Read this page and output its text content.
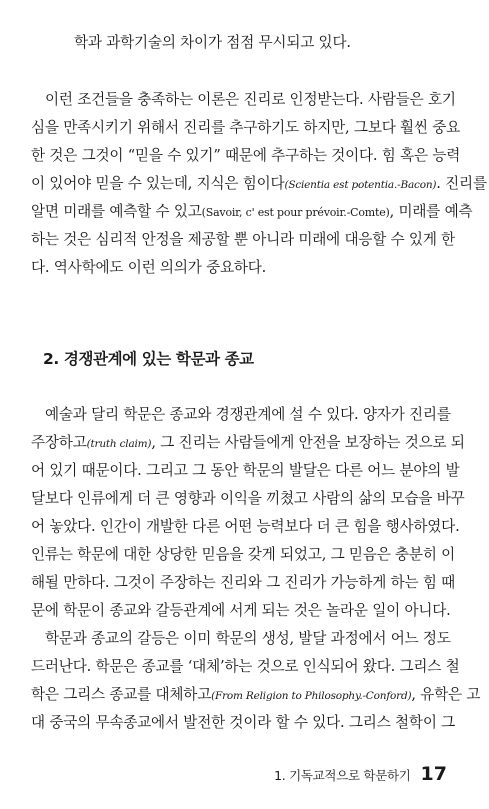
학과 과학기술의 차이가 점점 무시되고 있다.
이런 조건들을 충족하는 이론은 진리로 인정받는다. 사람들은 호기
심을 만족시키기 위해서 진리를 추구하기도 하지만, 그보다 훨씬 중요
한 것은 그것이 “믿을 수 있기” 때문에 추구하는 것이다. 힘 혹은 능력
이 있어야 믿을 수 있는데, 지식은 힘이다(Scientia est potentia.-Bacon). 진리를
알면 미래를 예측할 수 있고(Savoir, c' est pour prévoir.-Comte), 미래를 예측
하는 것은 심리적 안정을 제공할 뿐 아니라 미래에 대응할 수 있게 한
다. 역사학에도 이런 의의가 중요하다.
2. 경쟁관계에 있는 학문과 종교
예술과 달리 학문은 종교와 경쟁관계에 설 수 있다. 양자가 진리를
주장하고(truth claim), 그 진리는 사람들에게 안전을 보장하는 것으로 되
어 있기 때문이다. 그리고 그 동안 학문의 발달은 다른 어느 분야의 발
달보다 인류에게 더 큰 영향과 이익을 끼쳤고 사람의 삶의 모습을 바꾸
어 놓았다. 인간이 개발한 다른 어떤 능력보다 더 큰 힘을 행사하였다.
인류는 학문에 대한 상당한 믿음을 갖게 되었고, 그 믿음은 충분히 이
해될 만하다. 그것이 주장하는 진리와 그 진리가 가능하게 하는 힘 때
문에 학문이 종교와 갈등관계에 서게 되는 것은 놀라운 일이 아니다.
학문과 종교의 갈등은 이미 학문의 생성, 발달 과정에서 어느 정도
드러난다. 학문은 종교를 ‘대체’하는 것으로 인식되어 왔다. 그리스 철
학은 그리스 종교를 대체하고(From Religion to Philosophy.-Conford), 유학은 고
대 중국의 무속종교에서 발전한 것이라 할 수 있다. 그리스 철학이 그
1. 기독교적으로 학문하기 17
